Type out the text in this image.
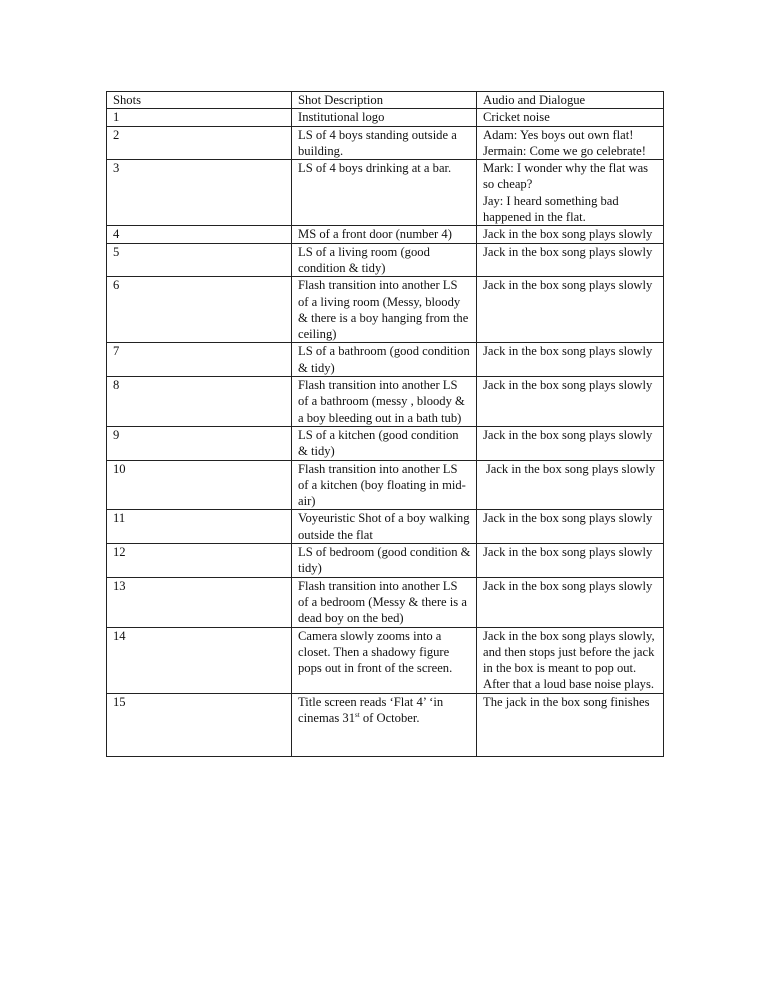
Shots	Shot Description	Audio and Dialogue
1	Institutional logo	Cricket noise
2	LS of 4 boys standing outside a building.	Adam: Yes boys out own flat!
Jermain: Come we go celebrate!

3	LS of 4 boys drinking at a bar.	Mark: I wonder why the flat was so cheap?
Jay: I heard something bad happened in the flat.

4	MS of a front door (number 4)	Jack in the box song plays slowly
5	LS of a living room (good condition & tidy)	Jack in the box song plays slowly
6	Flash transition into another LS of a living room (Messy, bloody & there is a boy hanging from the ceiling)	Jack in the box song plays slowly
7	LS of a bathroom (good condition & tidy)	Jack in the box song plays slowly
8	Flash transition into another LS of a bathroom (messy , bloody & a boy bleeding out in a bath tub)	Jack in the box song plays slowly
9	LS of a kitchen (good condition & tidy)	Jack in the box song plays slowly
10	Flash transition into another LS of a kitchen (boy floating in mid-air)	Jack in the box song plays slowly
11	Voyeuristic Shot of a boy walking outside the flat	Jack in the box song plays slowly
12	LS of bedroom (good condition & tidy)	Jack in the box song plays slowly
13	Flash transition into another LS of a bedroom (Messy & there is a dead boy on the bed)	Jack in the box song plays slowly
14	Camera slowly zooms into a closet. Then a shadowy figure pops out in front of the screen.	Jack in the box song plays slowly, and then stops just before the jack in the box is meant to pop out. After that a loud base noise plays.
15	Title screen reads ‘Flat 4’ ‘in cinemas 31st of October.	The jack in the box song finishes
